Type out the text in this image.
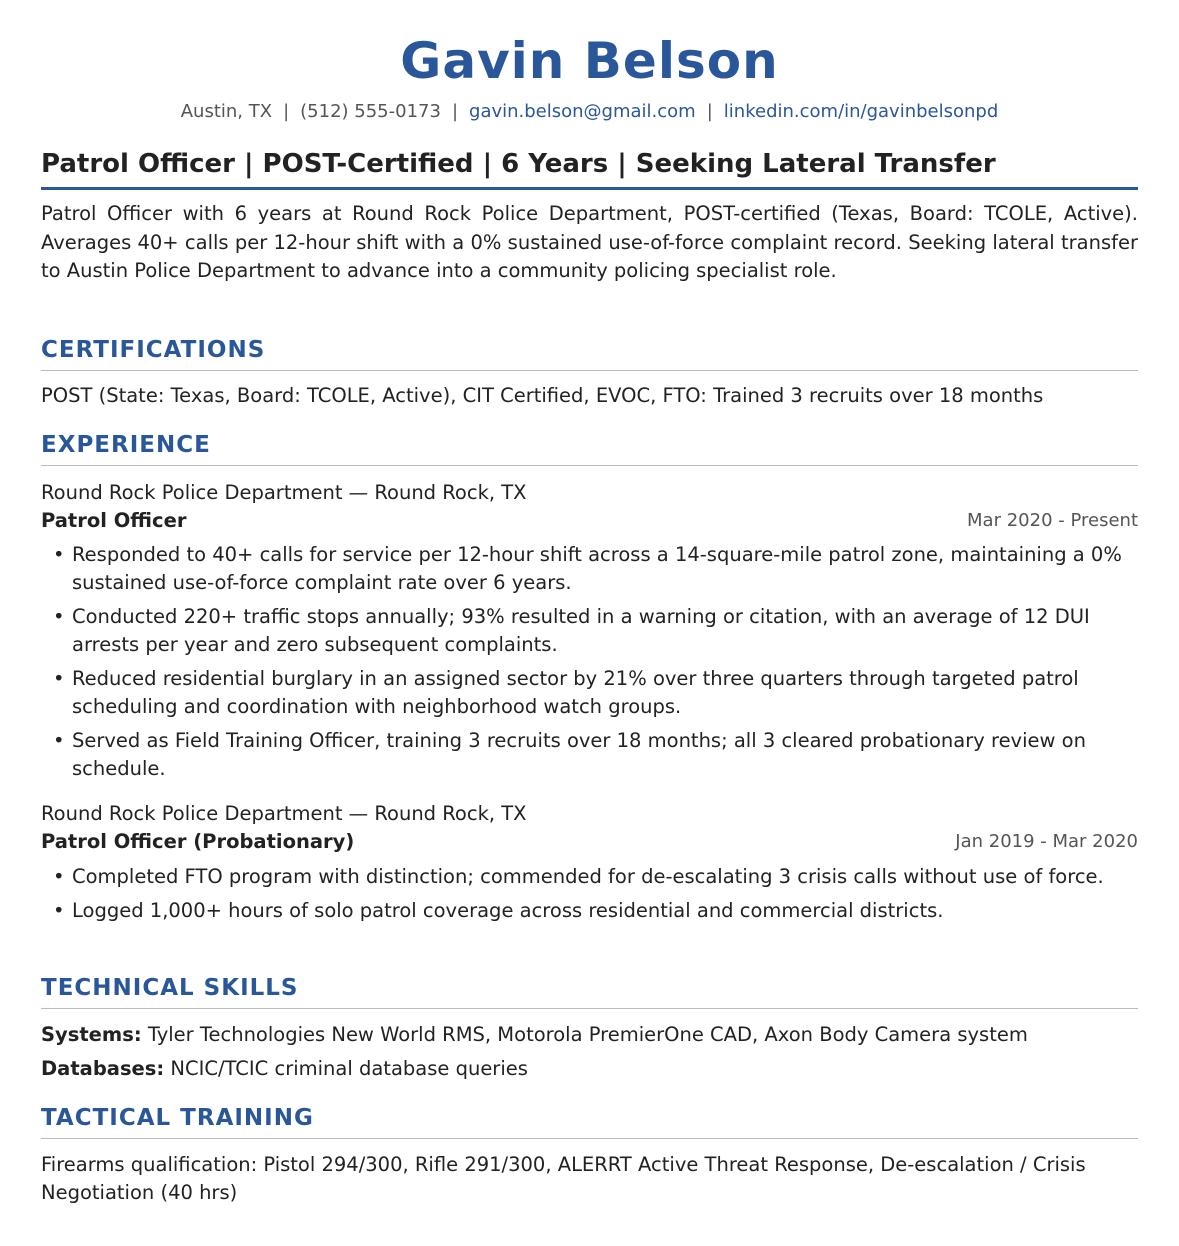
Gavin Belson
Austin, TX | (512) 555-0173 | gavin.belson@gmail.com | linkedin.com/in/gavinbelsonpd
Patrol Officer | POST-Certified | 6 Years | Seeking Lateral Transfer
Patrol Officer with 6 years at Round Rock Police Department, POST-certified (Texas, Board: TCOLE, Active). Averages 40+ calls per 12-hour shift with a 0% sustained use-of-force complaint record. Seeking lateral transfer to Austin Police Department to advance into a community policing specialist role.
CERTIFICATIONS
POST (State: Texas, Board: TCOLE, Active), CIT Certified, EVOC, FTO: Trained 3 recruits over 18 months
EXPERIENCE
Round Rock Police Department — Round Rock, TX
Patrol Officer	Mar 2020 - Present
• Responded to 40+ calls for service per 12-hour shift across a 14-square-mile patrol zone, maintaining a 0% sustained use-of-force complaint rate over 6 years.
• Conducted 220+ traffic stops annually; 93% resulted in a warning or citation, with an average of 12 DUI arrests per year and zero subsequent complaints.
• Reduced residential burglary in an assigned sector by 21% over three quarters through targeted patrol scheduling and coordination with neighborhood watch groups.
• Served as Field Training Officer, training 3 recruits over 18 months; all 3 cleared probationary review on schedule.
Round Rock Police Department — Round Rock, TX
Patrol Officer (Probationary)	Jan 2019 - Mar 2020
• Completed FTO program with distinction; commended for de-escalating 3 crisis calls without use of force.
• Logged 1,000+ hours of solo patrol coverage across residential and commercial districts.
TECHNICAL SKILLS
Systems: Tyler Technologies New World RMS, Motorola PremierOne CAD, Axon Body Camera system
Databases: NCIC/TCIC criminal database queries
TACTICAL TRAINING
Firearms qualification: Pistol 294/300, Rifle 291/300, ALERRT Active Threat Response, De-escalation / Crisis Negotiation (40 hrs)
